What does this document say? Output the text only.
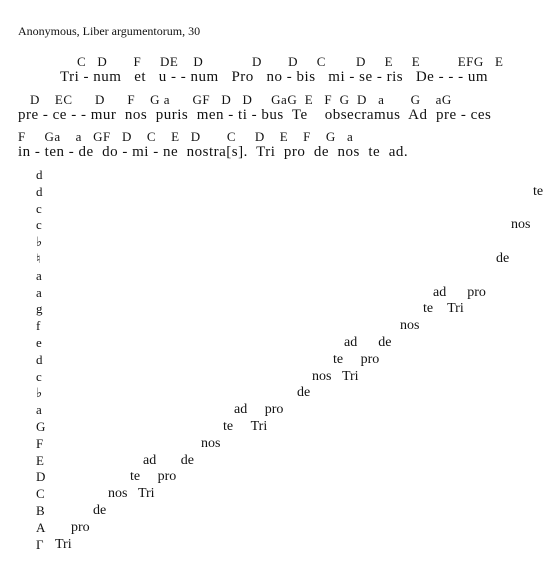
Anonymous, Liber argumentorum, 30
C   D       F     DE    D             D       D     C        D     E     E          EFG   E
Tri - num   et   u - - num   Pro   no - bis   mi - se - ris   De - - - um
D    EC      D      F    G a      GF   D   D     GaG  E   F  G  D   a       G    aG
pre - ce - - mur  nos  puris  men - ti - bus  Te    obsecramus  Ad  pre - ces
F     Ga    a   GF   D    C    E   D       C     D    E    F    G   a
in - ten - de  do - mi - ne  nostra[s].  Tri  pro  de  nos  te  ad.
d
d
c
c
♭
♮
a
a
g
f
e
d
c
♭
a
G
F
E
D
C
B
A
Γ
te
nos
de
ad      pro
te    Tri
nos
ad      de
te     pro
nos   Tri
de
ad     pro
te     Tri
nos
ad       de
te     pro
nos   Tri
de
pro
Tri
